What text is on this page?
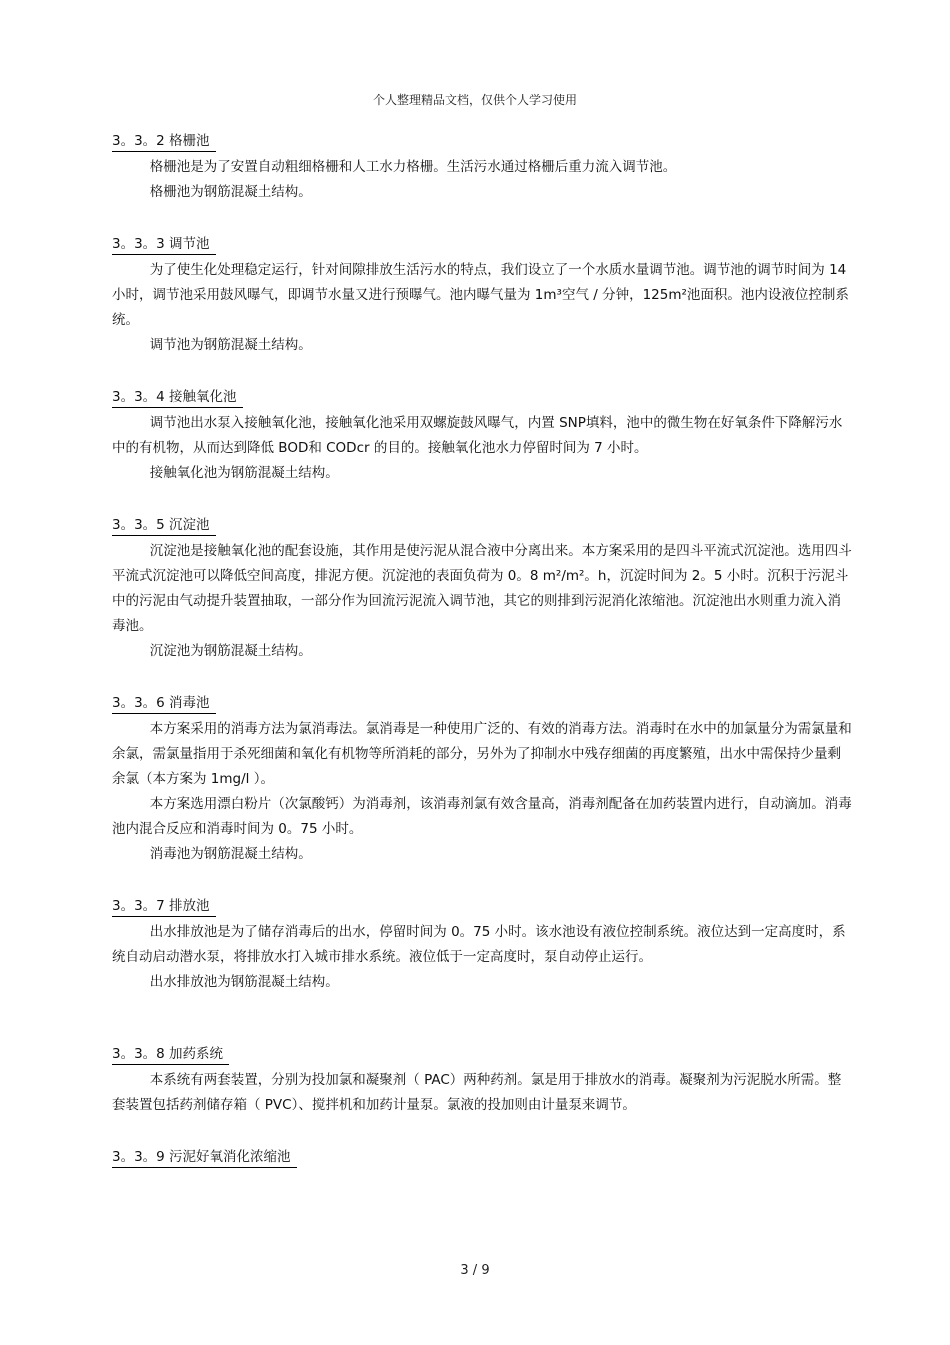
个人整理精品文档，仅供个人学习使用
3。3。2 格栅池

格栅池是为了安置自动粗细格栅和人工水力格栅。生活污水通过格栅后重力流入调节池。

格栅池为钢筋混凝土结构。

3。3。3 调节池

为了使生化处理稳定运行，针对间隙排放生活污水的特点，我们设立了一个水质水量调节池。调节池的调节时间为 14 小时，调节池采用鼓风曝气，即调节水量又进行预曝气。池内曝气量为 1m³空气 / 分钟，125m²池面积。池内设液位控制系统。

调节池为钢筋混凝土结构。

3。3。4 接触氧化池

调节池出水泵入接触氧化池，接触氧化池采用双螺旋鼓风曝气，内置 SNP填料，池中的微生物在好氧条件下降解污水中的有机物，从而达到降低 BOD和 CODcr 的目的。接触氧化池水力停留时间为 7 小时。

接触氧化池为钢筋混凝土结构。

3。3。5 沉淀池

沉淀池是接触氧化池的配套设施，其作用是使污泥从混合液中分离出来。本方案采用的是四斗平流式沉淀池。选用四斗平流式沉淀池可以降低空间高度，排泥方便。沉淀池的表面负荷为 0。8 m²/m²。h，沉淀时间为 2。5 小时。沉积于污泥斗中的污泥由气动提升装置抽取，一部分作为回流污泥流入调节池，其它的则排到污泥消化浓缩池。沉淀池出水则重力流入消毒池。

沉淀池为钢筋混凝土结构。

3。3。6 消毒池

本方案采用的消毒方法为氯消毒法。氯消毒是一种使用广泛的、有效的消毒方法。消毒时在水中的加氯量分为需氯量和余氯，需氯量指用于杀死细菌和氧化有机物等所消耗的部分，另外为了抑制水中残存细菌的再度繁殖，出水中需保持少量剩余氯（本方案为 1mg/l ）。

本方案选用漂白粉片（次氯酸钙）为消毒剂，该消毒剂氯有效含量高，消毒剂配备在加药装置内进行，自动滴加。消毒池内混合反应和消毒时间为 0。75 小时。

消毒池为钢筋混凝土结构。

3。3。7 排放池

出水排放池是为了储存消毒后的出水，停留时间为 0。75 小时。该水池设有液位控制系统。液位达到一定高度时，系统自动启动潜水泵，将排放水打入城市排水系统。液位低于一定高度时，泵自动停止运行。

出水排放池为钢筋混凝土结构。

3。3。8 加药系统

本系统有两套装置，分别为投加氯和凝聚剂（ PAC）两种药剂。氯是用于排放水的消毒。凝聚剂为污泥脱水所需。整套装置包括药剂储存箱（ PVC）、搅拌机和加药计量泵。氯液的投加则由计量泵来调节。

3。3。9 污泥好氧消化浓缩池
3 / 9
